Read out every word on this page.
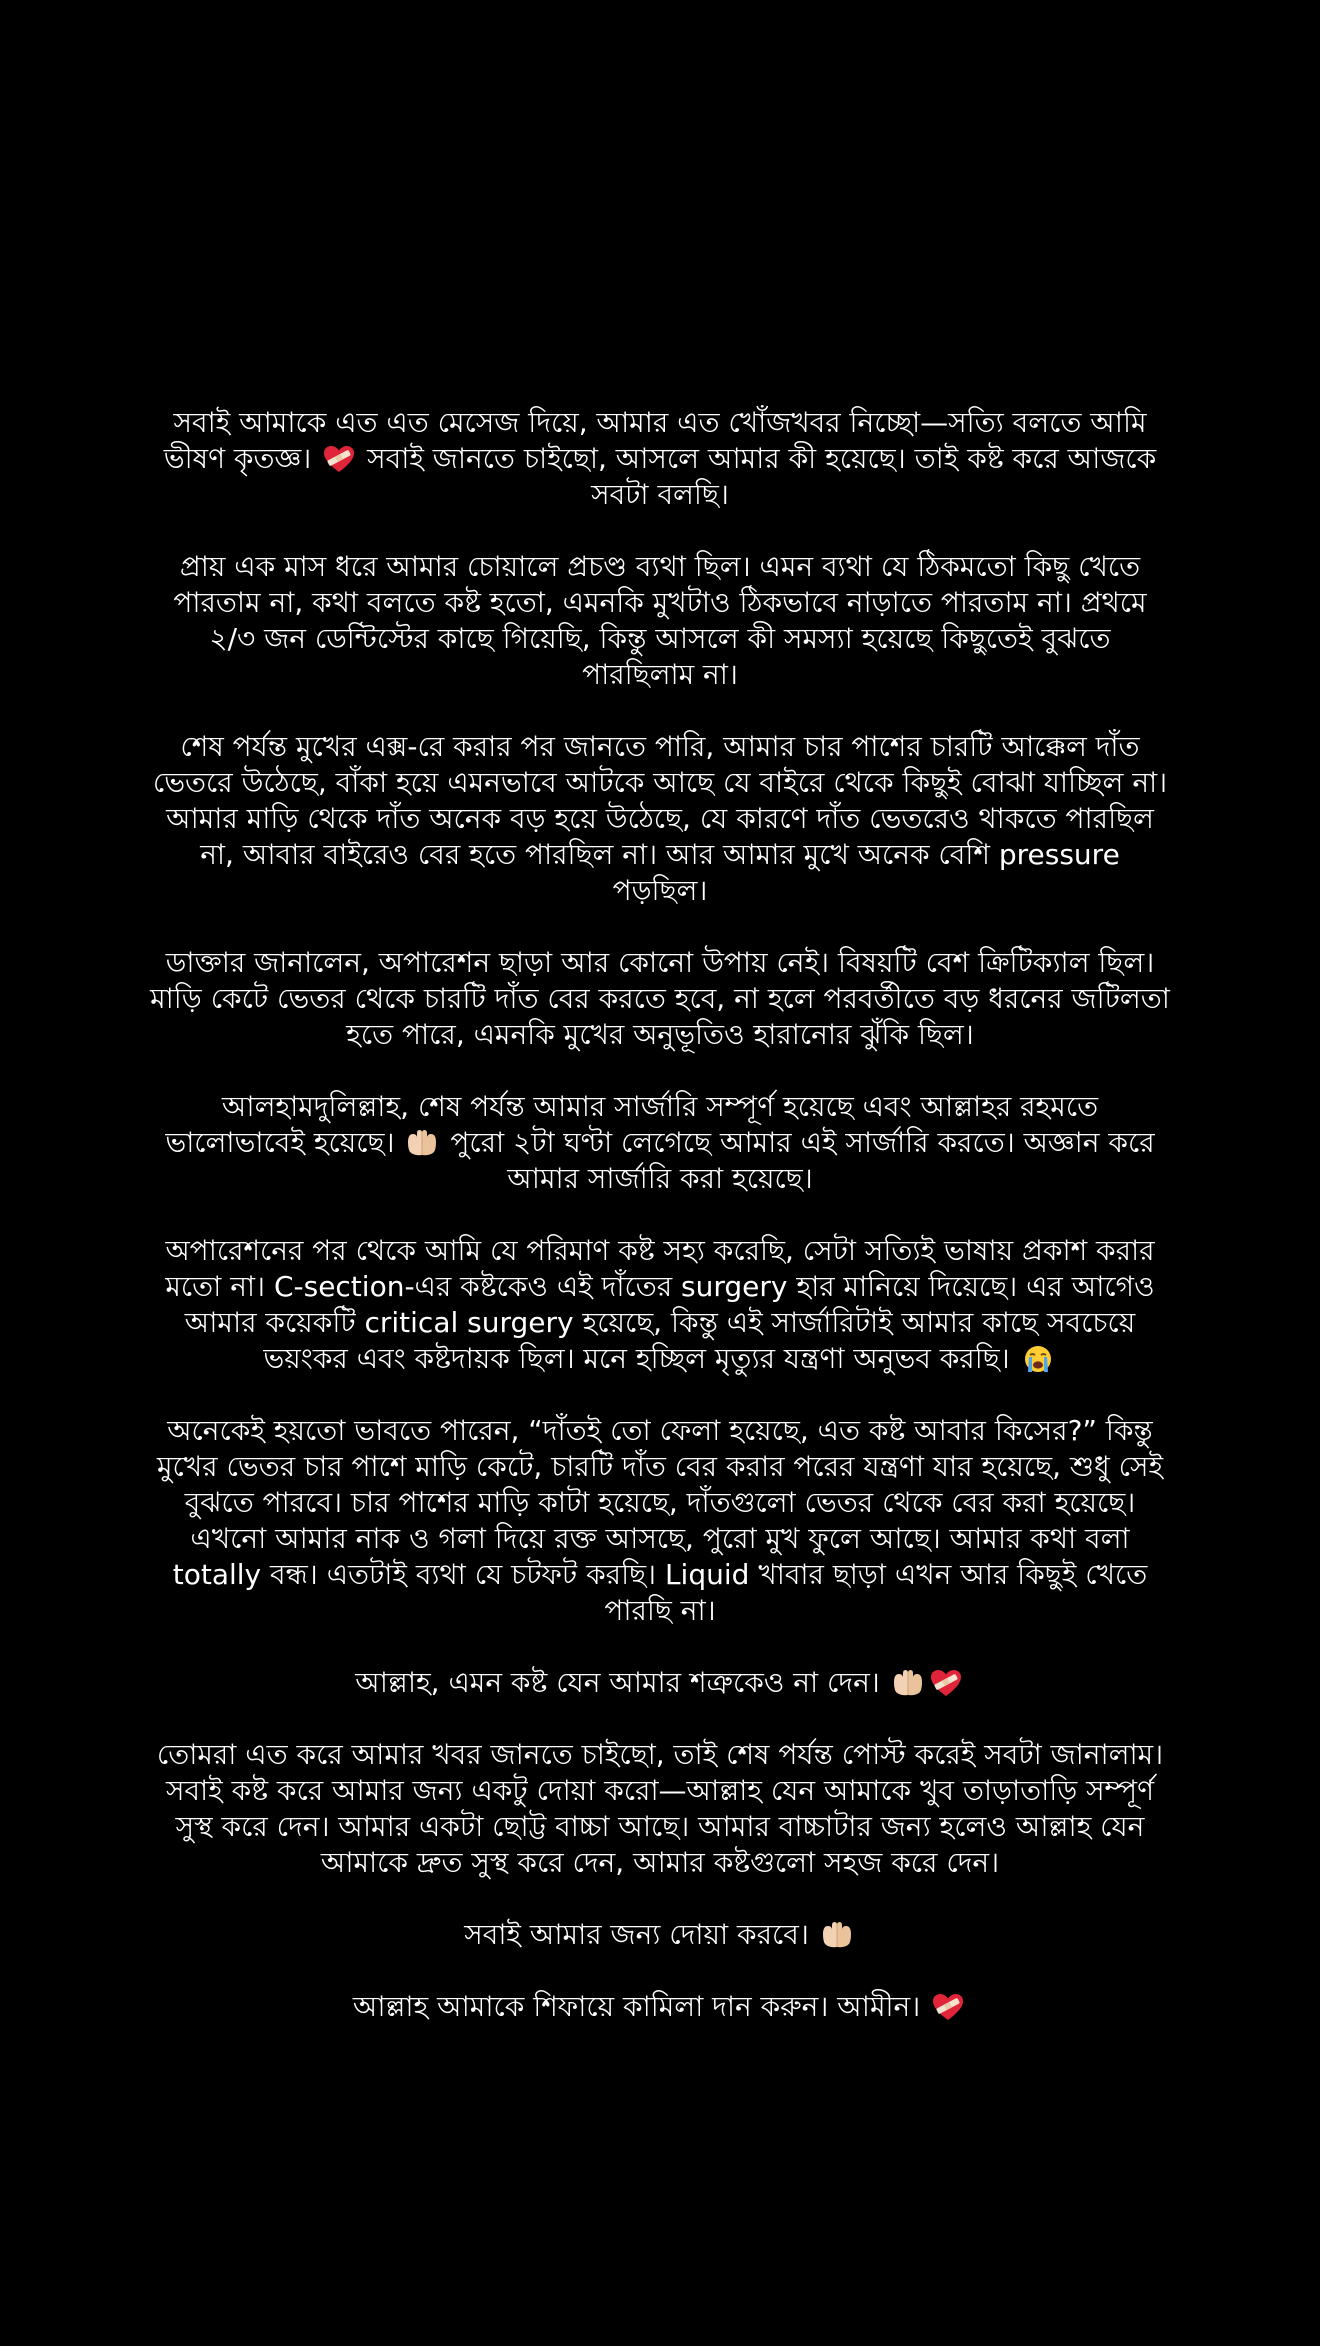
সবাই আমাকে এত এত মেসেজ দিয়ে, আমার এত খোঁজখবর নিচ্ছো—সত্যি বলতে আমি ভীষণ কৃতজ্ঞ।
সবাই জানতে চাইছো, আসলে আমার কী হয়েছে। তাই কষ্ট করে আজকে সবটা বলছি।

প্রায় এক মাস ধরে আমার চোয়ালে প্রচণ্ড ব্যথা ছিল। এমন ব্যথা যে ঠিকমতো কিছু খেতে পারতাম না, কথা বলতে কষ্ট হতো, এমনকি মুখটাও ঠিকভাবে নাড়াতে পারতাম না। প্রথমে ২/৩ জন ডেন্টিস্টের কাছে গিয়েছি, কিন্তু আসলে কী সমস্যা হয়েছে কিছুতেই বুঝতে পারছিলাম না।

শেষ পর্যন্ত মুখের এক্স-রে করার পর জানতে পারি, আমার চার পাশের চারটি আক্কেল দাঁত ভেতরে উঠেছে, বাঁকা হয়ে এমনভাবে আটকে আছে যে বাইরে থেকে কিছুই বোঝা যাচ্ছিল না। আমার মাড়ি থেকে দাঁত অনেক বড় হয়ে উঠেছে, যে কারণে দাঁত ভেতরেও থাকতে পারছিল না, আবার বাইরেও বের হতে পারছিল না। আর আমার মুখে অনেক বেশি pressure পড়ছিল।

ডাক্তার জানালেন, অপারেশন ছাড়া আর কোনো উপায় নেই। বিষয়টি বেশ ক্রিটিক্যাল ছিল। মাড়ি কেটে ভেতর থেকে চারটি দাঁত বের করতে হবে, না হলে পরবর্তীতে বড় ধরনের জটিলতা হতে পারে, এমনকি মুখের অনুভূতিও হারানোর ঝুঁকি ছিল।

আলহামদুলিল্লাহ, শেষ পর্যন্ত আমার সার্জারি সম্পূর্ণ হয়েছে এবং আল্লাহর রহমতে ভালোভাবেই হয়েছে।
পুরো ২টা ঘণ্টা লেগেছে আমার এই সার্জারি করতে। অজ্ঞান করে আমার সার্জারি করা হয়েছে।

অপারেশনের পর থেকে আমি যে পরিমাণ কষ্ট সহ্য করেছি, সেটা সত্যিই ভাষায় প্রকাশ করার মতো না। C-section-এর কষ্টকেও এই দাঁতের surgery হার মানিয়ে দিয়েছে। এর আগেও আমার কয়েকটি critical surgery হয়েছে, কিন্তু এই সার্জারিটাই আমার কাছে সবচেয়ে ভয়ংকর এবং কষ্টদায়ক ছিল। মনে হচ্ছিল মৃত্যুর যন্ত্রণা অনুভব করছি।

অনেকেই হয়তো ভাবতে পারেন, “দাঁতই তো ফেলা হয়েছে, এত কষ্ট আবার কিসের?” কিন্তু মুখের ভেতর চার পাশে মাড়ি কেটে, চারটি দাঁত বের করার পরের যন্ত্রণা যার হয়েছে, শুধু সেই বুঝতে পারবে। চার পাশের মাড়ি কাটা হয়েছে, দাঁতগুলো ভেতর থেকে বের করা হয়েছে। এখনো আমার নাক ও গলা দিয়ে রক্ত আসছে, পুরো মুখ ফুলে আছে। আমার কথা বলা totally বন্ধ। এতটাই ব্যথা যে চটফট করছি। Liquid খাবার ছাড়া এখন আর কিছুই খেতে পারছি না।

আল্লাহ, এমন কষ্ট যেন আমার শত্রুকেও না দেন।

তোমরা এত করে আমার খবর জানতে চাইছো, তাই শেষ পর্যন্ত পোস্ট করেই সবটা জানালাম। সবাই কষ্ট করে আমার জন্য একটু দোয়া করো—আল্লাহ যেন আমাকে খুব তাড়াতাড়ি সম্পূর্ণ সুস্থ করে দেন। আমার একটা ছোট্ট বাচ্চা আছে। আমার বাচ্চাটার জন্য হলেও আল্লাহ যেন আমাকে দ্রুত সুস্থ করে দেন, আমার কষ্টগুলো সহজ করে দেন।

সবাই আমার জন্য দোয়া করবে।

আল্লাহ আমাকে শিফায়ে কামিলা দান করুন। আমীন।
